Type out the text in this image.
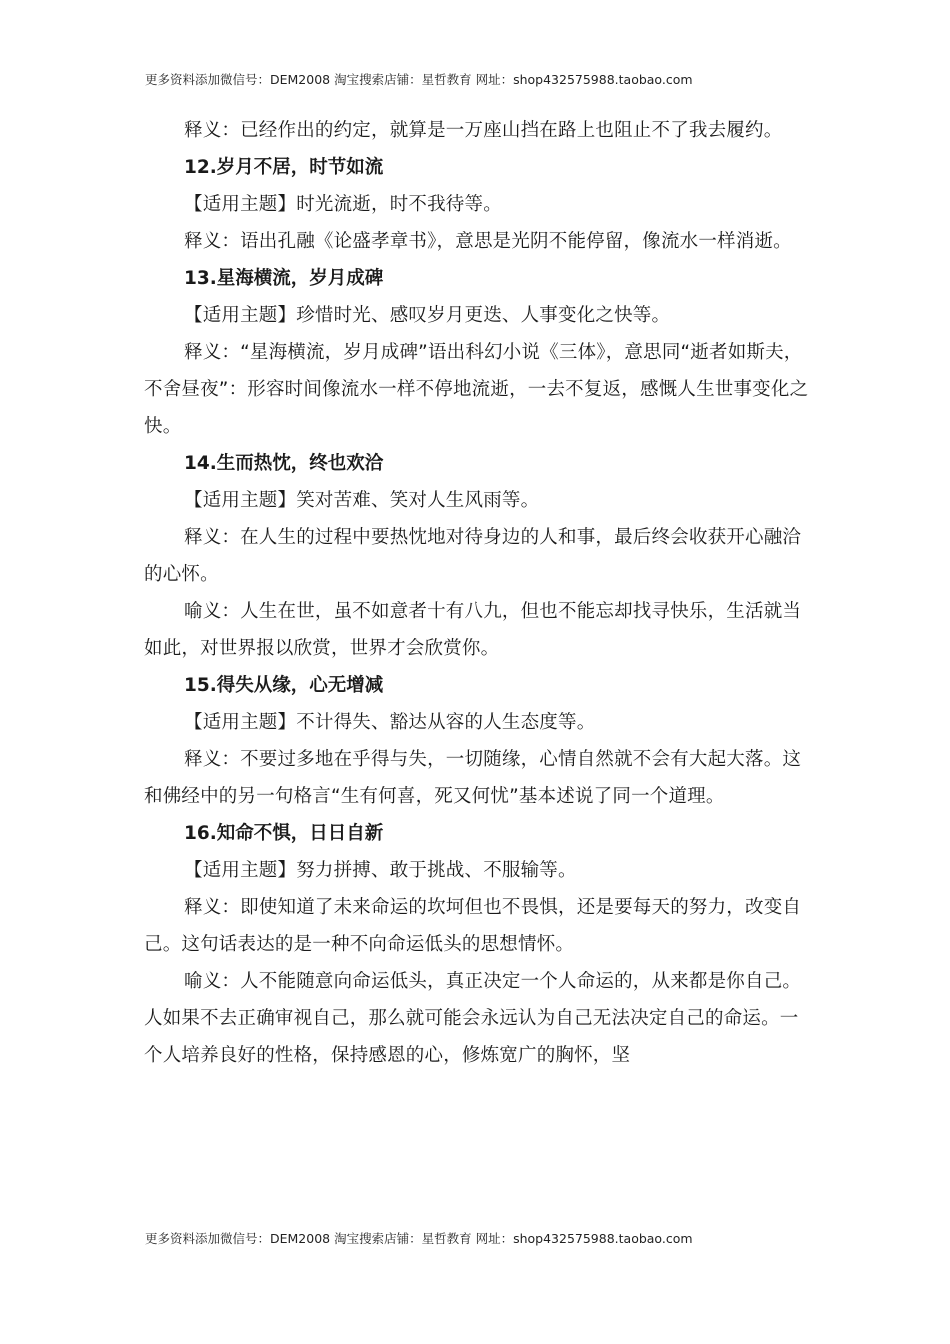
更多资料添加微信号：DEM2008 淘宝搜索店铺：星哲教育 网址：shop432575988.taobao.com

释义：已经作出的约定，就算是一万座山挡在路上也阻止不了我去履约。

12.岁月不居，时节如流

【适用主题】时光流逝，时不我待等。

释义：语出孔融《论盛孝章书》，意思是光阴不能停留，像流水一样消逝。

13.星海横流，岁月成碑

【适用主题】珍惜时光、感叹岁月更迭、人事变化之快等。

释义：“星海横流，岁月成碑”语出科幻小说《三体》，意思同“逝者如斯夫，不舍昼夜”：形容时间像流水一样不停地流逝，一去不复返，感慨人生世事变化之快。

14.生而热忱，终也欢洽

【适用主题】笑对苦难、笑对人生风雨等。

释义：在人生的过程中要热忱地对待身边的人和事，最后终会收获开心融洽的心怀。

喻义：人生在世，虽不如意者十有八九，但也不能忘却找寻快乐，生活就当如此，对世界报以欣赏，世界才会欣赏你。

15.得失从缘，心无增减

【适用主题】不计得失、豁达从容的人生态度等。

释义：不要过多地在乎得与失，一切随缘，心情自然就不会有大起大落。这和佛经中的另一句格言“生有何喜，死又何忧”基本述说了同一个道理。

16.知命不惧，日日自新

【适用主题】努力拼搏、敢于挑战、不服输等。

释义：即使知道了未来命运的坎坷但也不畏惧，还是要每天的努力，改变自己。这句话表达的是一种不向命运低头的思想情怀。

喻义：人不能随意向命运低头，真正决定一个人命运的，从来都是你自己。人如果不去正确审视自己，那么就可能会永远认为自己无法决定自己的命运。一个人培养良好的性格，保持感恩的心，修炼宽广的胸怀，坚

更多资料添加微信号：DEM2008 淘宝搜索店铺：星哲教育 网址：shop432575988.taobao.com
